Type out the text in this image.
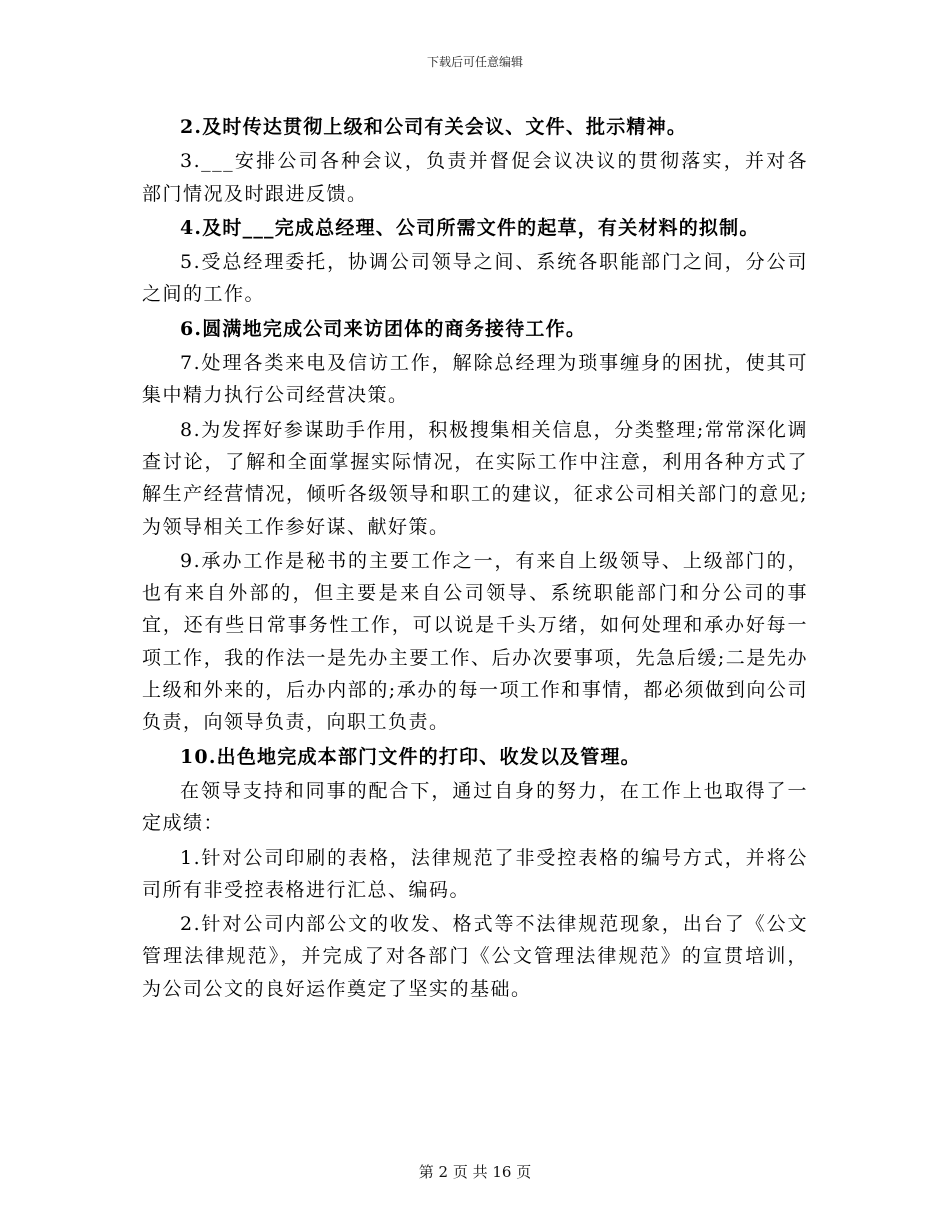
下载后可任意编辑

2.及时传达贯彻上级和公司有关会议、文件、批示精神。

3.___安排公司各种会议，负责并督促会议决议的贯彻落实，并对各部门情况及时跟进反馈。

4.及时___完成总经理、公司所需文件的起草，有关材料的拟制。

5.受总经理委托，协调公司领导之间、系统各职能部门之间，分公司之间的工作。

6.圆满地完成公司来访团体的商务接待工作。

7.处理各类来电及信访工作，解除总经理为琐事缠身的困扰，使其可集中精力执行公司经营决策。

8.为发挥好参谋助手作用，积极搜集相关信息，分类整理;常常深化调查讨论，了解和全面掌握实际情况，在实际工作中注意，利用各种方式了解生产经营情况，倾听各级领导和职工的建议，征求公司相关部门的意见;为领导相关工作参好谋、献好策。

9.承办工作是秘书的主要工作之一，有来自上级领导、上级部门的，也有来自外部的，但主要是来自公司领导、系统职能部门和分公司的事宜，还有些日常事务性工作，可以说是千头万绪，如何处理和承办好每一项工作，我的作法一是先办主要工作、后办次要事项，先急后缓;二是先办上级和外来的，后办内部的;承办的每一项工作和事情，都必须做到向公司负责，向领导负责，向职工负责。

10.出色地完成本部门文件的打印、收发以及管理。

在领导支持和同事的配合下，通过自身的努力，在工作上也取得了一定成绩：

1.针对公司印刷的表格，法律规范了非受控表格的编号方式，并将公司所有非受控表格进行汇总、编码。

2.针对公司内部公文的收发、格式等不法律规范现象，出台了《公文管理法律规范》，并完成了对各部门《公文管理法律规范》的宣贯培训，为公司公文的良好运作奠定了坚实的基础。

第 2 页 共 16 页
